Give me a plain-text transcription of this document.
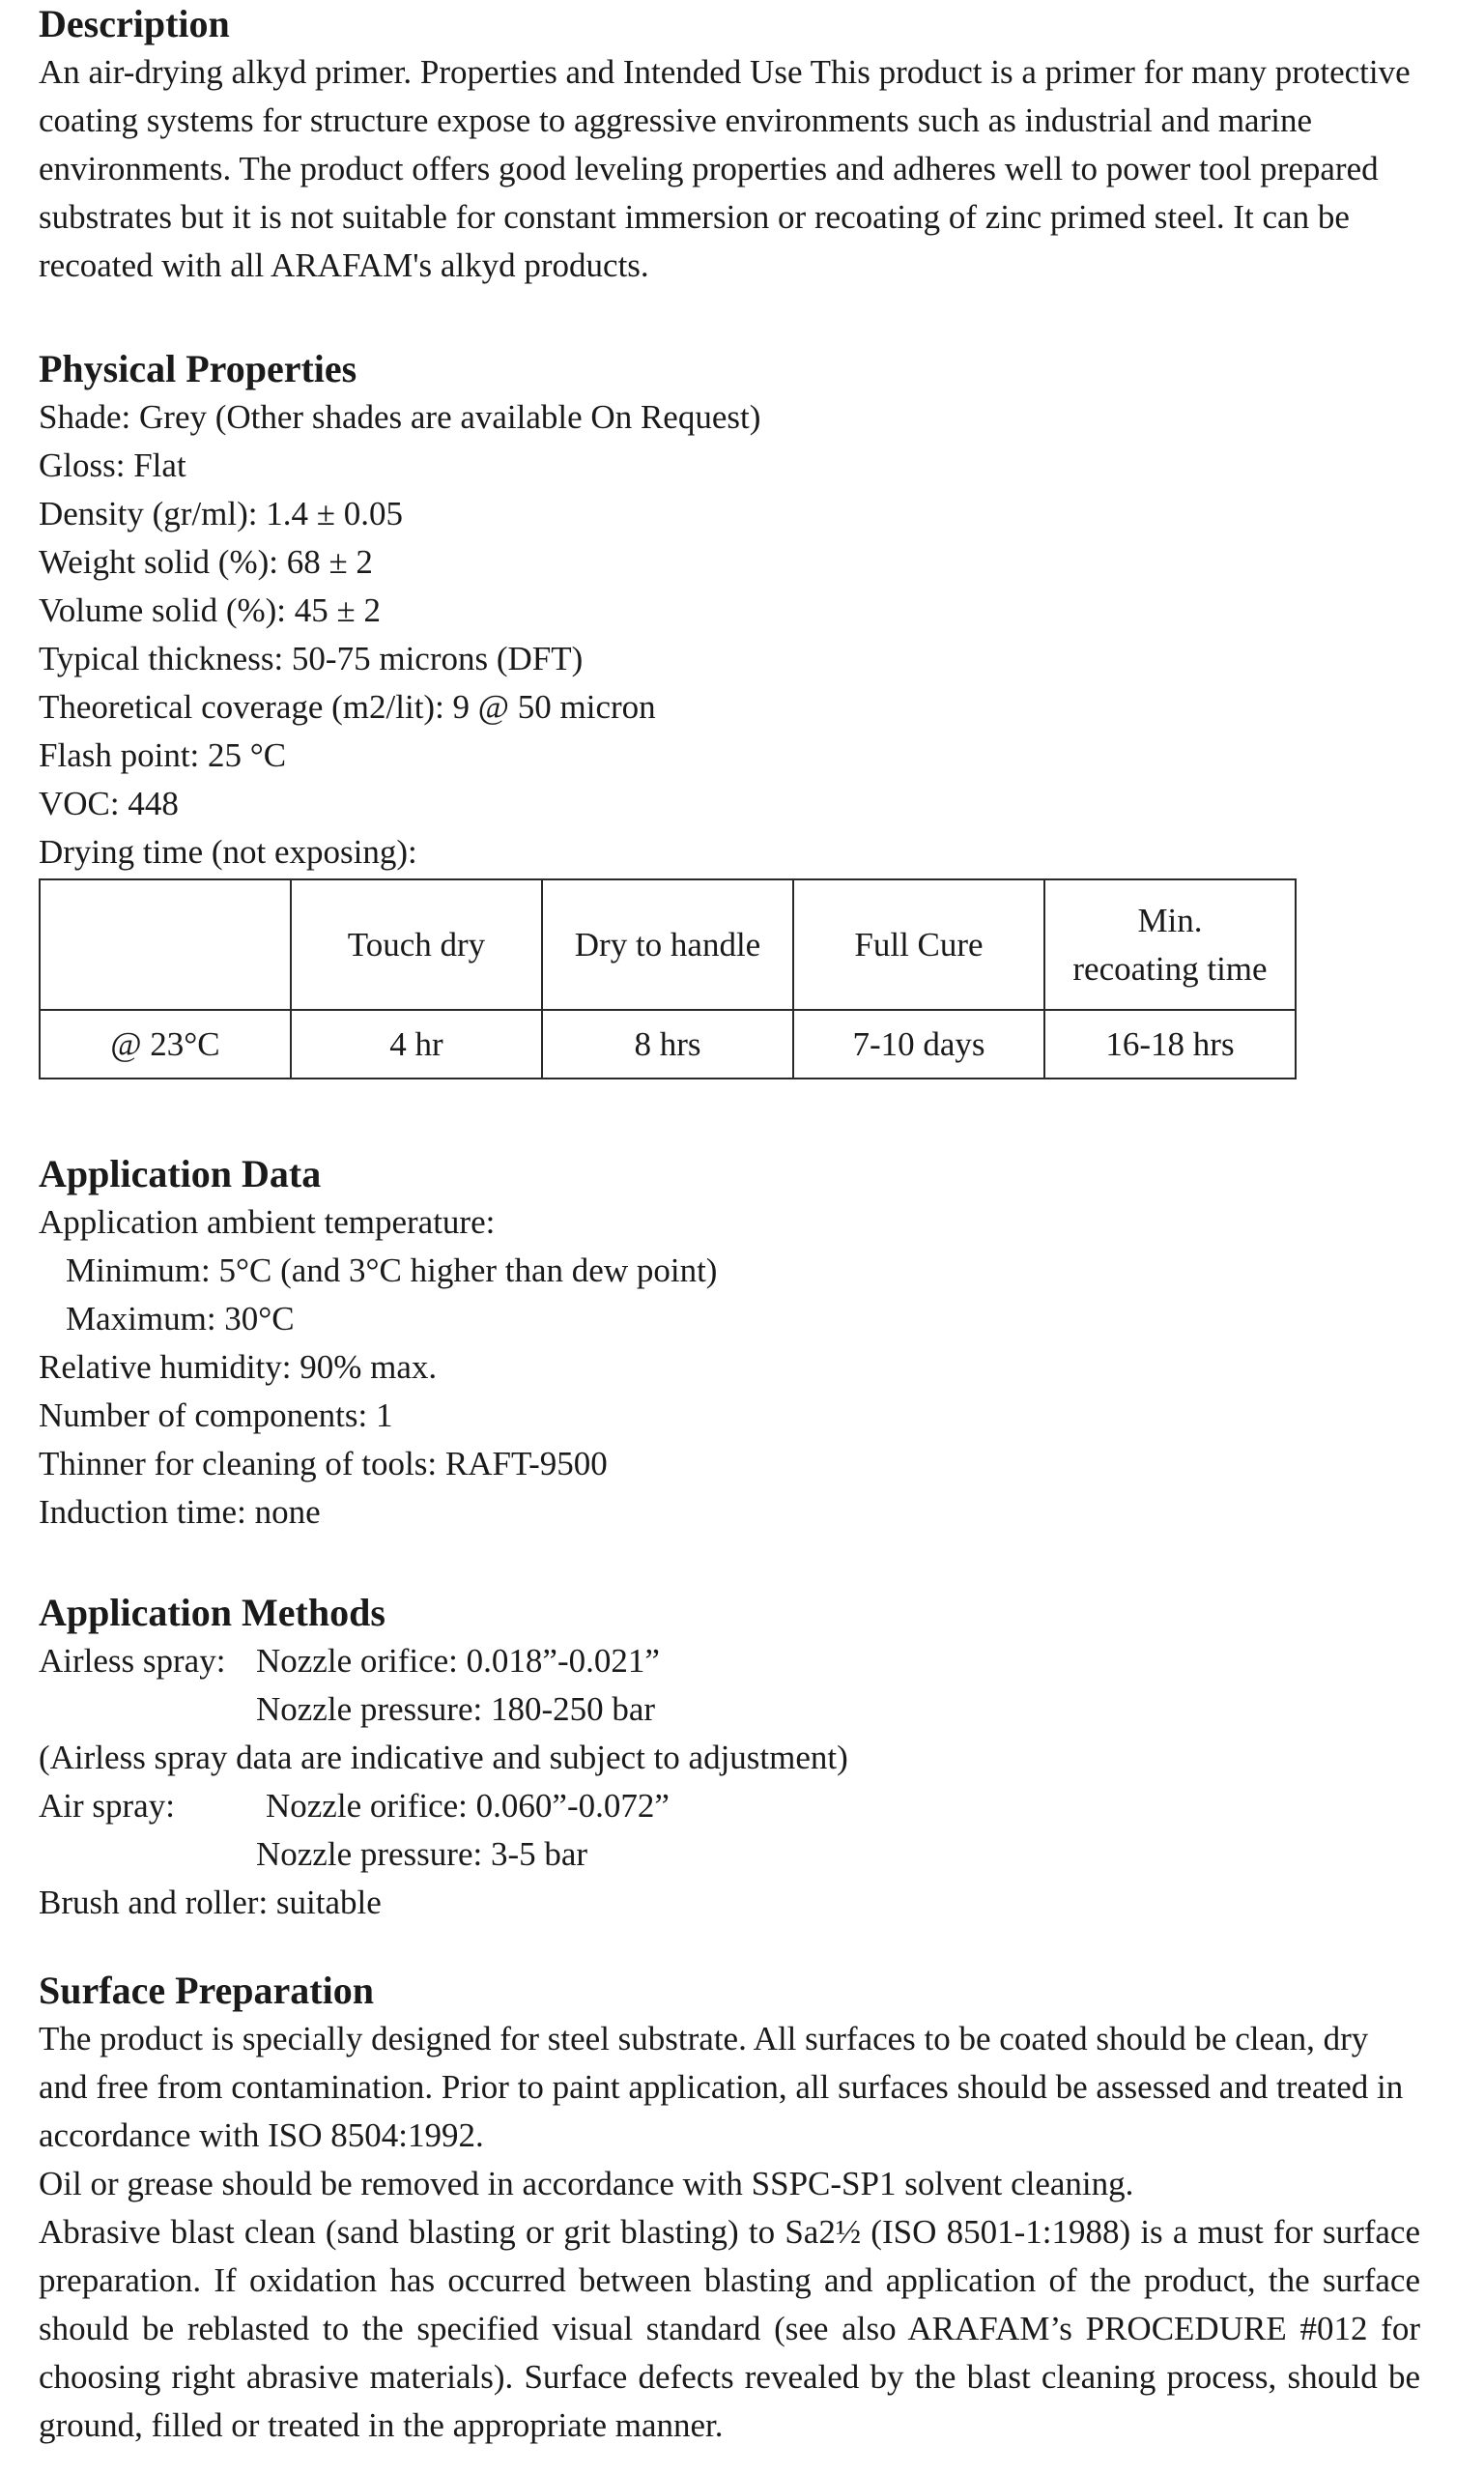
Description

An air-drying alkyd primer. Properties and Intended Use This product is a primer for many protective coating systems for structure expose to aggressive environments such as industrial and marine environments. The product offers good leveling properties and adheres well to power tool prepared substrates but it is not suitable for constant immersion or recoating of zinc primed steel. It can be recoated with all ARAFAM's alkyd products.

Physical Properties

Shade: Grey (Other shades are available On Request)

Gloss: Flat

Density (gr/ml): 1.4 ± 0.05

Weight solid (%): 68 ± 2

Volume solid (%): 45 ± 2

Typical thickness: 50-75 microns (DFT)

Theoretical coverage (m2/lit): 9 @ 50 micron

Flash point: 25 °C

VOC: 448

Drying time (not exposing):

	Touch dry	Dry to handle	Full Cure	Min.
recoating time

@ 23°C	4 hr	8 hrs	7-10 days	16-18 hrs
Application Data

Application ambient temperature:

Minimum: 5°C (and 3°C higher than dew point)

Maximum: 30°C

Relative humidity: 90% max.

Number of components: 1

Thinner for cleaning of tools: RAFT-9500

Induction time: none

Application Methods
Airless spray: Nozzle orifice: 0.018”-0.021”

Nozzle pressure: 180-250 bar

(Airless spray data are indicative and subject to adjustment)

Air spray:	Nozzle orifice: 0.060”-0.072”

Nozzle pressure: 3-5 bar

Brush and roller: suitable

Surface Preparation

The product is specially designed for steel substrate. All surfaces to be coated should be clean, dry and free from contamination. Prior to paint application, all surfaces should be assessed and treated in accordance with ISO 8504:1992.

Oil or grease should be removed in accordance with SSPC-SP1 solvent cleaning.

Abrasive blast clean (sand blasting or grit blasting) to Sa2½ (ISO 8501-1:1988) is a must for surface preparation. If oxidation has occurred between blasting and application of the product, the surface should be reblasted to the specified visual standard (see also ARAFAM’s PROCEDURE #012 for choosing right abrasive materials). Surface defects revealed by the blast cleaning process, should be ground, filled or treated in the appropriate manner.
